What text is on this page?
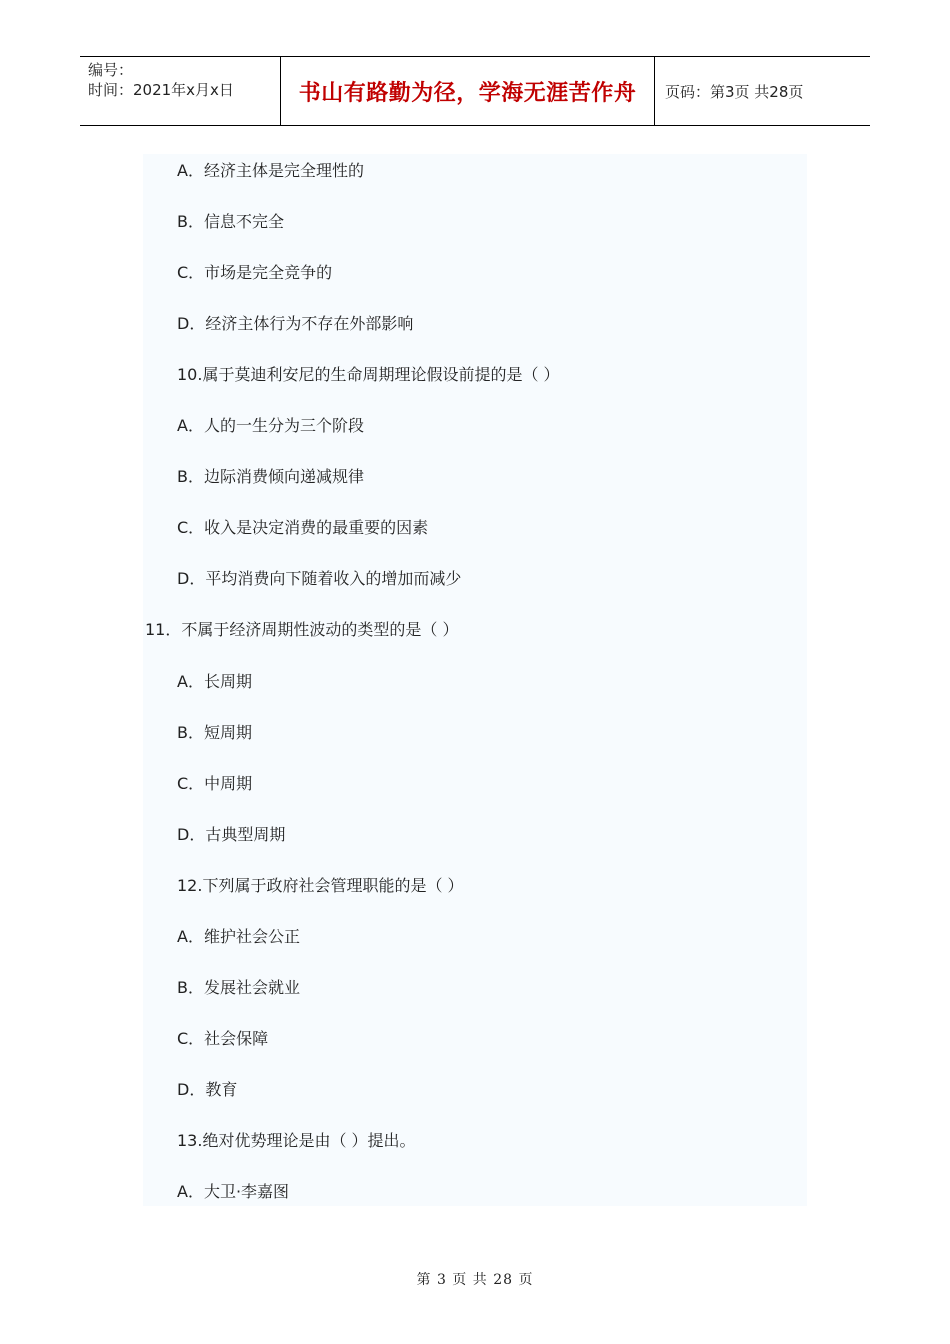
编号：
时间：2021年x月x日	书山有路勤为径，学海无涯苦作舟 页码：第3页 共28页
A．经济主体是完全理性的
B．信息不完全
C．市场是完全竞争的
D．经济主体行为不存在外部影响
10.属于莫迪利安尼的生命周期理论假设前提的是（ ）
A．人的一生分为三个阶段
B．边际消费倾向递减规律
C．收入是决定消费的最重要的因素
D．平均消费向下随着收入的增加而减少
11．不属于经济周期性波动的类型的是（ ）
A．长周期
B．短周期
C．中周期
D．古典型周期
12.下列属于政府社会管理职能的是（ ）
A．维护社会公正
B．发展社会就业
C．社会保障
D．教育
13.绝对优势理论是由（ ）提出。
A．大卫·李嘉图
第 3 页 共 28 页
